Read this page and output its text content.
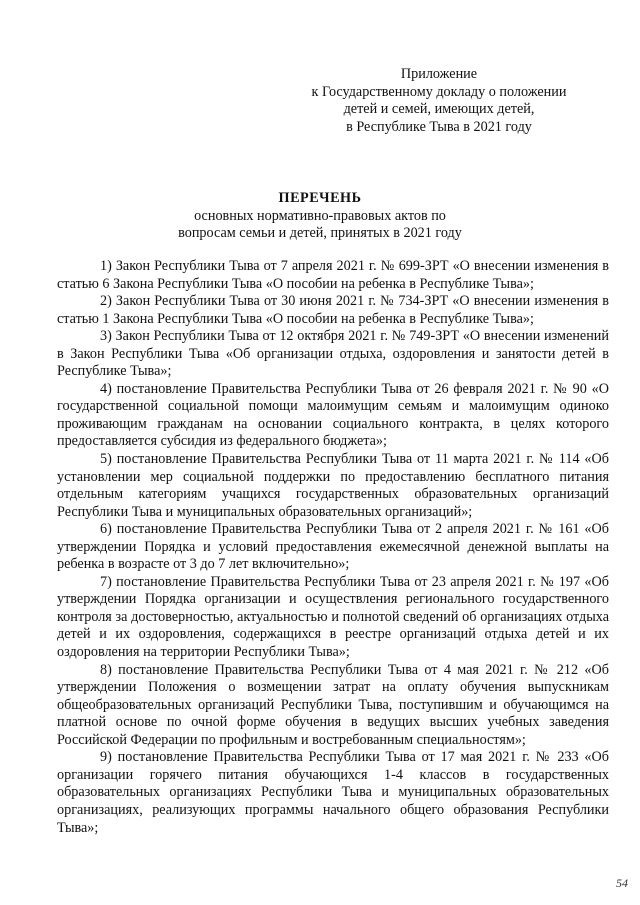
Приложение
к Государственному докладу о положении
детей и семей, имеющих детей,
в Республике Тыва в 2021 году
ПЕРЕЧЕНЬ
основных нормативно-правовых актов по
вопросам семьи и детей, принятых в 2021 году

1) Закон Республики Тыва от 7 апреля 2021 г. № 699-ЗРТ «О внесении изменения в статью 6 Закона Республики Тыва «О пособии на ребенка в Республике Тыва»;

2) Закон Республики Тыва от 30 июня 2021 г. № 734-ЗРТ «О внесении изменения в статью 1 Закона Республики Тыва «О пособии на ребенка в Республике Тыва»;

3) Закон Республики Тыва от 12 октября 2021 г. № 749-ЗРТ «О внесении изменений в Закон Республики Тыва «Об организации отдыха, оздоровления и занятости детей в Республике Тыва»;

4) постановление Правительства Республики Тыва от 26 февраля 2021 г. № 90 «О государственной социальной помощи малоимущим семьям и малоимущим одиноко проживающим гражданам на основании социального контракта, в целях которого предоставляется субсидия из федерального бюджета»;

5) постановление Правительства Республики Тыва от 11 марта 2021 г. № 114 «Об установлении мер социальной поддержки по предоставлению бесплатного питания отдельным категориям учащихся государственных образовательных организаций Республики Тыва и муниципальных образовательных организаций»;

6) постановление Правительства Республики Тыва от 2 апреля 2021 г. № 161 «Об утверждении Порядка и условий предоставления ежемесячной денежной выплаты на ребенка в возрасте от 3 до 7 лет включительно»;

7) постановление Правительства Республики Тыва от 23 апреля 2021 г. № 197 «Об утверждении Порядка организации и осуществления регионального государственного контроля за достоверностью, актуальностью и полнотой сведений об организациях отдыха детей и их оздоровления, содержащихся в реестре организаций отдыха детей и их оздоровления на территории Республики Тыва»;

8) постановление Правительства Республики Тыва от 4 мая 2021 г. № 212 «Об утверждении Положения о возмещении затрат на оплату обучения выпускникам общеобразовательных организаций Республики Тыва, поступившим и обучающимся на платной основе по очной форме обучения в ведущих высших учебных заведения Российской Федерации по профильным и востребованным специальностям»;

9) постановление Правительства Республики Тыва от 17 мая 2021 г. № 233 «Об организации горячего питания обучающихся 1-4 классов в государственных образовательных организациях Республики Тыва и муниципальных образовательных организациях, реализующих программы начального общего образования Республики Тыва»;

54
